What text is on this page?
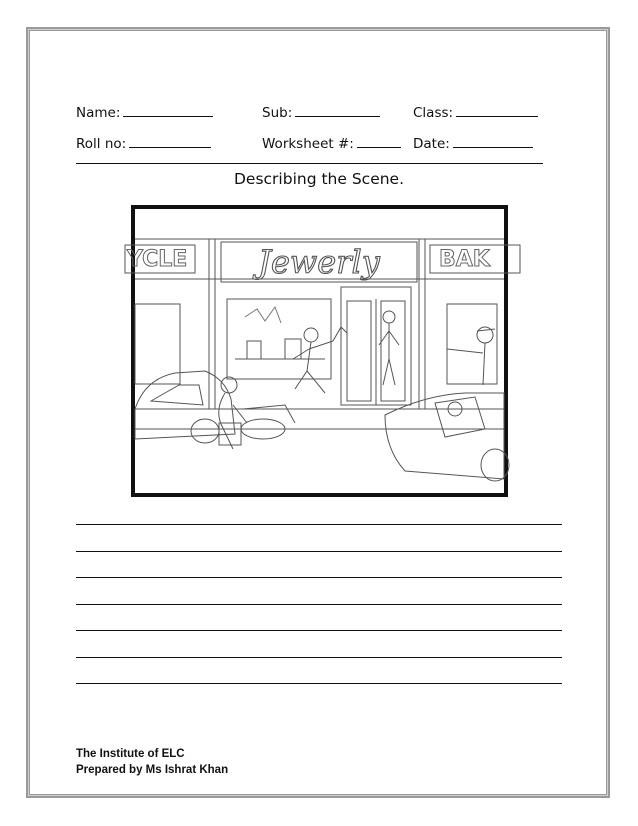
Name:	Sub:	Class:
Roll no:	Worksheet #:	Date:
Describing the Scene.
YCLE Jewerly	BAK
The Institute of ELC
Prepared by Ms Ishrat Khan
